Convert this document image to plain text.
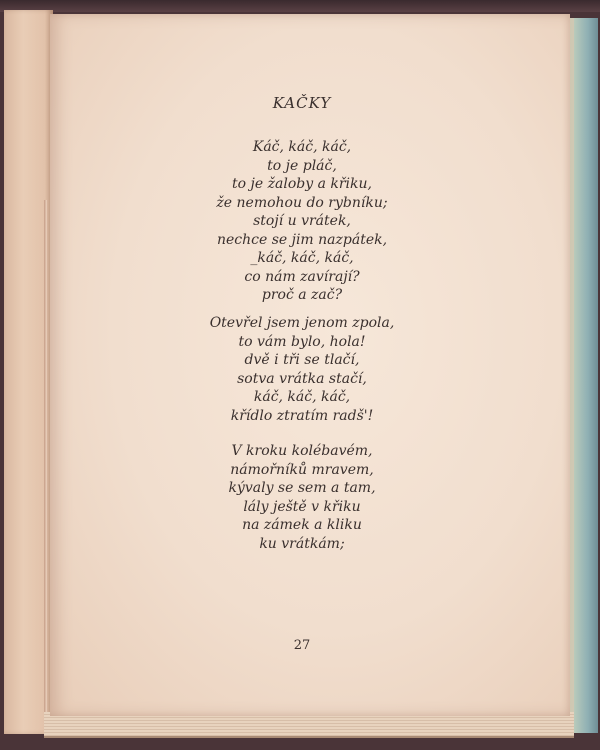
KAČKY
Káč, káč, káč,
to je pláč,
to je žaloby a křiku,
že nemohou do rybníku;
stojí u vrátek,
nechce se jim nazpátek,
_káč, káč, káč,
co nám zavírají?
proč a zač?
Otevřel jsem jenom zpola,
to vám bylo, hola!
dvě i tři se tlačí,
sotva vrátka stačí,
káč, káč, káč,
křídlo ztratím radš'!
V kroku kolébavém,
námořníků mravem,
kývaly se sem a tam,
lály ještě v křiku
na zámek a kliku
ku vrátkám;
27
